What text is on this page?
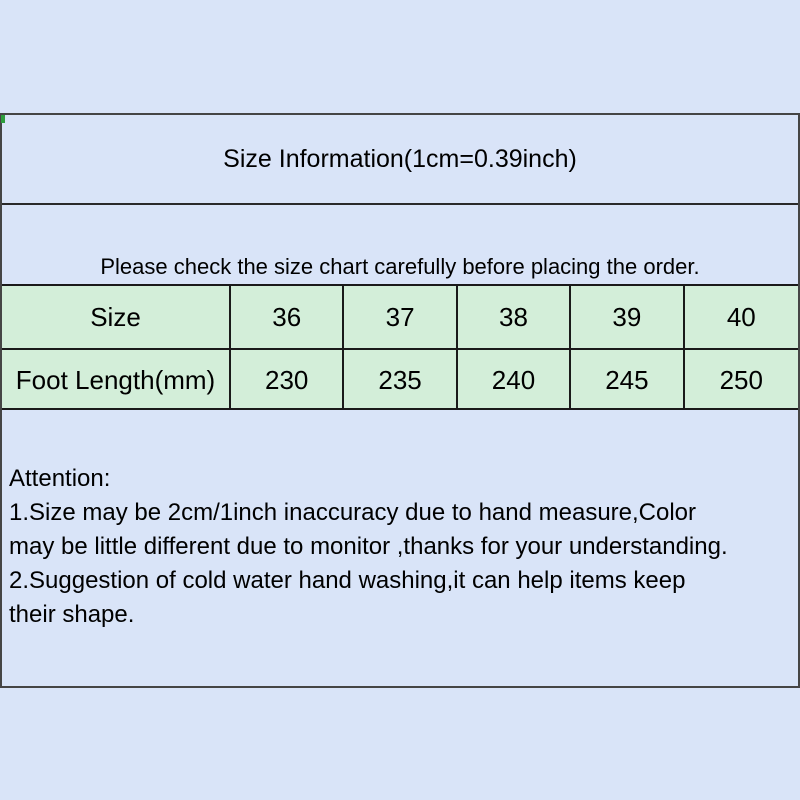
Size Information(1cm=0.39inch)
Please check the size chart carefully before placing the order.
Size	36	37	38	39	40
Foot Length(mm)	230	235	240	245	250
Attention:
1.Size may be 2cm/1inch inaccuracy due to hand measure,Color
may be little different due to monitor ,thanks for your understanding.
2.Suggestion of cold water hand washing,it can help items keep
their shape.
